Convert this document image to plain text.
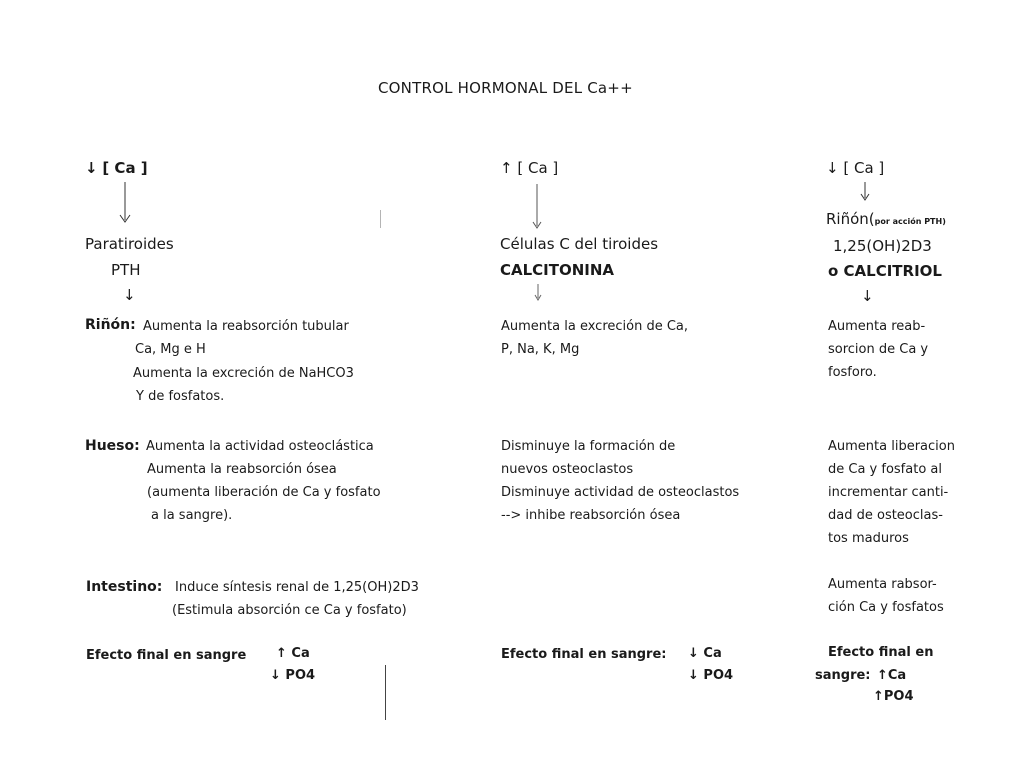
CONTROL HORMONAL DEL Ca++
↓ [ Ca ]
Paratiroides
PTH
↓
Riñón: Aumenta la reabsorción tubular
Ca, Mg e H
Aumenta la excreción de NaHCO3
Y de fosfatos.
Hueso: Aumenta la actividad osteoclástica
Aumenta la reabsorción ósea
(aumenta liberación de Ca y fosfato
a la sangre).
Intestino: Induce síntesis renal de 1,25(OH)2D3
(Estimula absorción ce Ca y fosfato)
Efecto final en sangre ↑ Ca
↓ PO4
↑ [ Ca ]
Células C del tiroides
CALCITONINA
Aumenta la excreción de Ca,
P, Na, K, Mg
Disminuye la formación de
nuevos osteoclastos
Disminuye actividad de osteoclastos
--> inhibe reabsorción ósea
Efecto final en sangre: ↓ Ca
↓ PO4
↓ [ Ca ]
Riñón(por acción PTH)
1,25(OH)2D3
o CALCITRIOL
↓
Aumenta reab-
sorcion de Ca y
fosforo.
Aumenta liberacion
de Ca y fosfato al
incrementar canti-
dad de osteoclas-
tos maduros
Aumenta rabsor-
ción Ca y fosfatos
Efecto final en
sangre: ↑Ca
↑PO4
